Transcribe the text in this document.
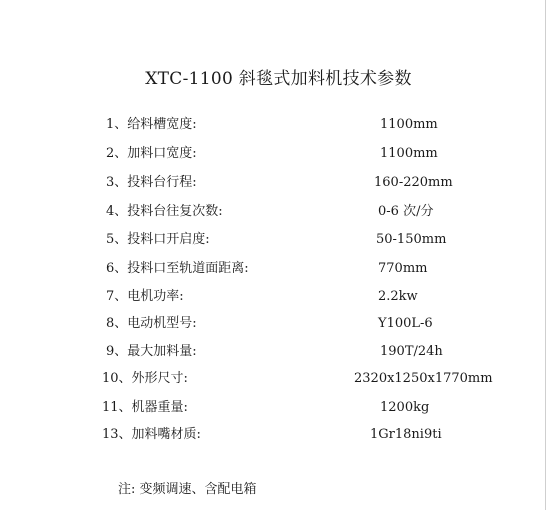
XTC-1100 斜毯式加料机技术参数
1、给料槽宽度:	1100mm
2、加料口宽度:	1100mm
3、投料台行程:	160-220mm
4、投料台往复次数:	0-6 次/分
5、投料口开启度:	50-150mm
6、投料口至轨道面距离:	770mm
7、电机功率:	2.2kw
8、电动机型号:	Y100L-6
9、最大加料量:	190T/24h
10、外形尺寸:	2320x1250x1770mm
11、机器重量:	1200kg
13、加料嘴材质:	1Gr18ni9ti
注: 变频调速、含配电箱
